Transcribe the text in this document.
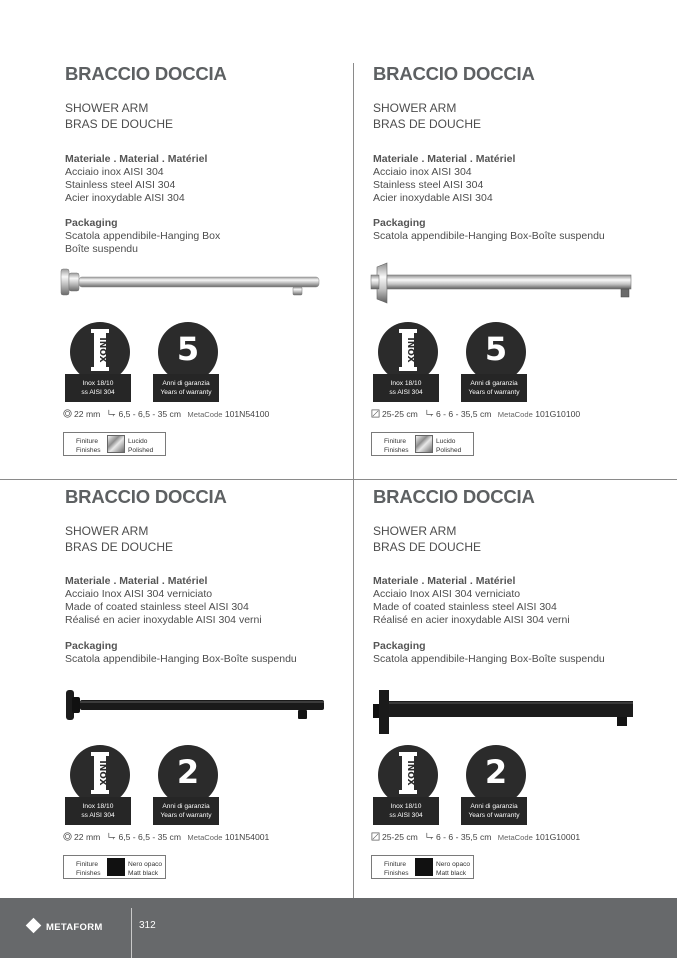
BRACCIO DOCCIA
SHOWER ARM
BRAS DE DOUCHE
Materiale . Material . Matériel
Acciaio inox AISI 304
Stainless steel AISI 304
Acier inoxydable AISI 304
Packaging
Scatola appendibile-Hanging Box
Boîte suspendu
INOX
Inox 18/10
ss AISI 304
5
Anni di garanzia
Years of warranty
22 mm 6,5 - 6,5 - 35 cm MetaCode 101N54100
Finiture
Finishes
Lucido
Polished
BRACCIO DOCCIA
SHOWER ARM
BRAS DE DOUCHE
Materiale . Material . Matériel
Acciaio inox AISI 304
Stainless steel AISI 304
Acier inoxydable AISI 304
Packaging
Scatola appendibile-Hanging Box-Boîte suspendu
INOX
Inox 18/10
ss AISI 304
5
Anni di garanzia
Years of warranty
25-25 cm 6 - 6 - 35,5 cm MetaCode 101G10100
Finiture
Finishes
Lucido
Polished
BRACCIO DOCCIA
SHOWER ARM
BRAS DE DOUCHE
Materiale . Material . Matériel
Acciaio Inox AISI 304 verniciato
Made of coated stainless steel AISI 304
Réalisé en acier inoxydable AISI 304 verni
Packaging
Scatola appendibile-Hanging Box-Boîte suspendu
INOX
Inox 18/10
ss AISI 304
2
Anni di garanzia
Years of warranty
22 mm 6,5 - 6,5 - 35 cm MetaCode 101N54001
Finiture
Finishes
Nero opaco
Matt black
BRACCIO DOCCIA
SHOWER ARM
BRAS DE DOUCHE
Materiale . Material . Matériel
Acciaio Inox AISI 304 verniciato
Made of coated stainless steel AISI 304
Réalisé en acier inoxydable AISI 304 verni
Packaging
Scatola appendibile-Hanging Box-Boîte suspendu
INOX
Inox 18/10
ss AISI 304
2
Anni di garanzia
Years of warranty
25-25 cm 6 - 6 - 35,5 cm MetaCode 101G10001
Finiture
Finishes
Nero opaco
Matt black
METAFORM	312
